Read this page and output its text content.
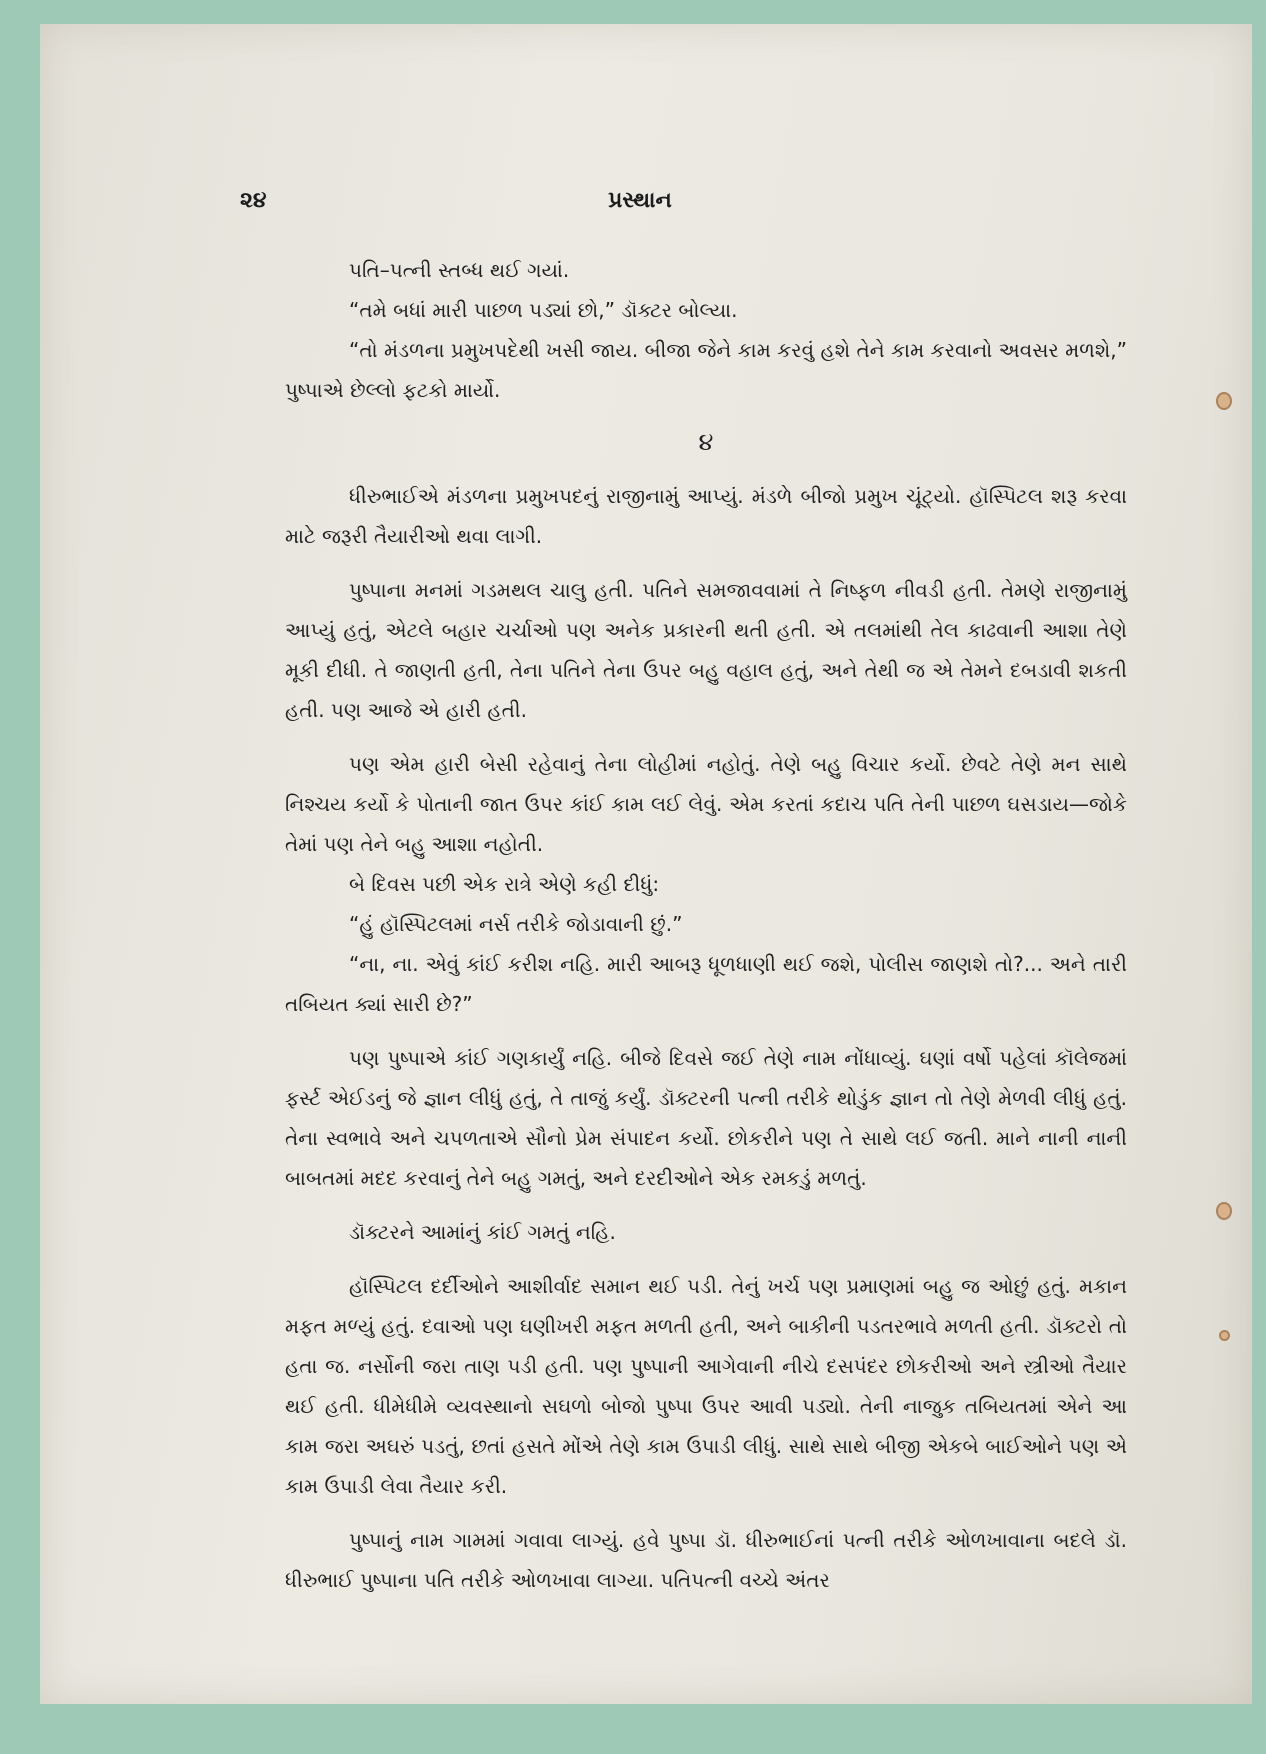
૨૪	પ્રસ્થાન

પતિ–પત્ની સ્તબ્ધ થઈ ગયાં.

“તમે બધાં મારી પાછળ પડ્યાં છો,” ડૉક્ટર બોલ્યા.

“તો મંડળના પ્રમુખપદેથી ખસી જાય. બીજા જેને કામ કરવું હશે તેને કામ કરવાનો અવસર મળશે,” પુષ્પાએ છેલ્લો ફટકો માર્યો.

૪

ધીરુભાઈએ મંડળના પ્રમુખપદનું રાજીનામું આપ્યું. મંડળે બીજો પ્રમુખ ચૂંટ્યો. હૉસ્પિટલ શરૂ કરવા માટે જરૂરી તૈયારીઓ થવા લાગી.

પુષ્પાના મનમાં ગડમથલ ચાલુ હતી. પતિને સમજાવવામાં તે નિષ્ફળ નીવડી હતી. તેમણે રાજીનામું આપ્યું હતું, એટલે બહાર ચર્ચાઓ પણ અનેક પ્રકારની થતી હતી. એ તલમાંથી તેલ કાઢવાની આશા તેણે મૂકી દીધી. તે જાણતી હતી, તેના પતિને તેના ઉપર બહુ વહાલ હતું, અને તેથી જ એ તેમને દબડાવી શકતી હતી. પણ આજે એ હારી હતી.

પણ એમ હારી બેસી રહેવાનું તેના લોહીમાં નહોતું. તેણે બહુ વિચાર કર્યો. છેવટે તેણે મન સાથે નિશ્ચય કર્યો કે પોતાની જાત ઉપર કાંઈ કામ લઈ લેવું. એમ કરતાં કદાચ પતિ તેની પાછળ ઘસડાય—જોકે તેમાં પણ તેને બહુ આશા નહોતી.

બે દિવસ પછી એક રાત્રે એણે કહી દીધું:

“હું હૉસ્પિટલમાં નર્સ તરીકે જોડાવાની છું.”

“ના, ના. એવું કાંઈ કરીશ નહિ. મારી આબરૂ ધૂળધાણી થઈ જશે, પોલીસ જાણશે તો?... અને તારી તબિયત ક્યાં સારી છે?”

પણ પુષ્પાએ કાંઈ ગણકાર્યું નહિ. બીજે દિવસે જઈ તેણે નામ નોંધાવ્યું. ઘણાં વર્ષો પહેલાં કૉલેજમાં ફર્સ્ટ એઈડનું જે જ્ઞાન લીધું હતું, તે તાજું કર્યું. ડૉક્ટરની પત્ની તરીકે થોડુંક જ્ઞાન તો તેણે મેળવી લીધું હતું. તેના સ્વભાવે અને ચપળતાએ સૌનો પ્રેમ સંપાદન કર્યો. છોકરીને પણ તે સાથે લઈ જતી. માને નાની નાની બાબતમાં મદદ કરવાનું તેને બહુ ગમતું, અને દરદીઓને એક રમકડું મળતું.

ડૉક્ટરને આમાંનું કાંઈ ગમતું નહિ.

હૉસ્પિટલ દર્દીઓને આશીર્વાદ સમાન થઈ પડી. તેનું ખર્ચ પણ પ્રમાણમાં બહુ જ ઓછું હતું. મકાન મફત મળ્યું હતું. દવાઓ પણ ઘણીખરી મફત મળતી હતી, અને બાકીની પડતરભાવે મળતી હતી. ડૉક્ટરો તો હતા જ. નર્સોની જરા તાણ પડી હતી. પણ પુષ્પાની આગેવાની નીચે દસપંદર છોકરીઓ અને સ્ત્રીઓ તૈયાર થઈ હતી. ધીમેધીમે વ્યવસ્થાનો સઘળો બોજો પુષ્પા ઉપર આવી પડ્યો. તેની નાજુક તબિયતમાં એને આ કામ જરા અઘરું પડતું, છતાં હસતે મોંએ તેણે કામ ઉપાડી લીધું. સાથે સાથે બીજી એકબે બાઈઓને પણ એ કામ ઉપાડી લેવા તૈયાર કરી.

પુષ્પાનું નામ ગામમાં ગવાવા લાગ્યું. હવે પુષ્પા ડૉ. ધીરુભાઈનાં પત્ની તરીકે ઓળખાવાના બદલે ડૉ. ધીરુભાઈ પુષ્પાના પતિ તરીકે ઓળખાવા લાગ્યા. પતિપત્ની વચ્ચે અંતર
